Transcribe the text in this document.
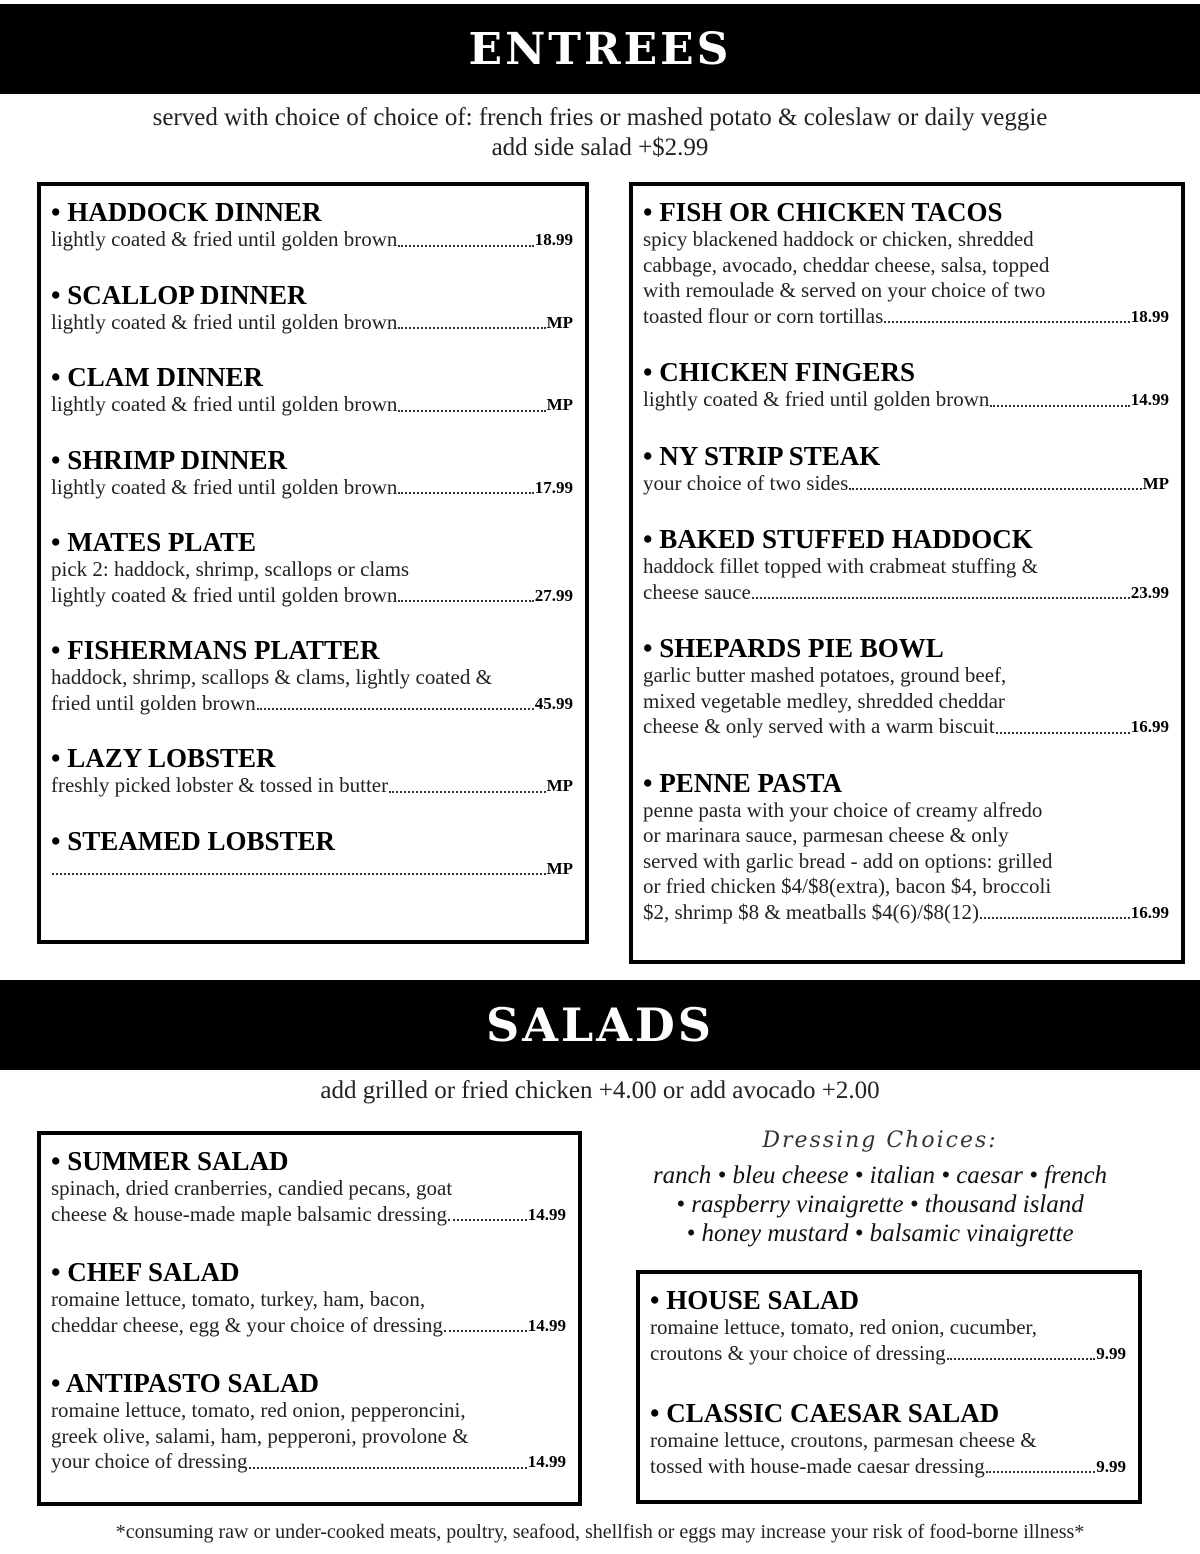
ENTREES
served with choice of choice of: french fries or mashed potato & coleslaw or daily veggie
add side salad +$2.99
• HADDOCK DINNER
lightly coated & fried until golden brown	18.99
• SCALLOP DINNER
lightly coated & fried until golden brown	MP
• CLAM DINNER
lightly coated & fried until golden brown	MP
• SHRIMP DINNER
lightly coated & fried until golden brown	17.99
• MATES PLATE
pick 2: haddock, shrimp, scallops or clams
lightly coated & fried until golden brown	27.99
• FISHERMANS PLATTER
haddock, shrimp, scallops & clams, lightly coated &
fried until golden brown	45.99
• LAZY LOBSTER
freshly picked lobster & tossed in butter	MP
• STEAMED LOBSTER
MP
• FISH OR CHICKEN TACOS
spicy blackened haddock or chicken, shredded
cabbage, avocado, cheddar cheese, salsa, topped
with remoulade & served on your choice of two
toasted flour or corn tortillas	18.99
• CHICKEN FINGERS
lightly coated & fried until golden brown	14.99
• NY STRIP STEAK
your choice of two sides	MP
• BAKED STUFFED HADDOCK
haddock fillet topped with crabmeat stuffing &
cheese sauce	23.99
• SHEPARDS PIE BOWL
garlic butter mashed potatoes, ground beef,
mixed vegetable medley, shredded cheddar
cheese & only served with a warm biscuit	16.99
• PENNE PASTA
penne pasta with your choice of creamy alfredo
or marinara sauce, parmesan cheese & only
served with garlic bread - add on options: grilled
or fried chicken $4/$8(extra), bacon $4, broccoli
$2, shrimp $8 & meatballs $4(6)/$8(12)	16.99
SALADS
add grilled or fried chicken +4.00 or add avocado +2.00
• SUMMER SALAD
spinach, dried cranberries, candied pecans, goat
cheese & house-made maple balsamic dressing	14.99
• CHEF SALAD
romaine lettuce, tomato, turkey, ham, bacon,
cheddar cheese, egg & your choice of dressing	14.99
• ANTIPASTO SALAD
romaine lettuce, tomato, red onion, pepperoncini,
greek olive, salami, ham, pepperoni, provolone &
your choice of dressing	14.99
Dressing Choices:
ranch • bleu cheese • italian • caesar • french
• raspberry vinaigrette • thousand island
• honey mustard • balsamic vinaigrette
• HOUSE SALAD
romaine lettuce, tomato, red onion, cucumber,
croutons & your choice of dressing	9.99
• CLASSIC CAESAR SALAD
romaine lettuce, croutons, parmesan cheese &
tossed with house-made caesar dressing	9.99
*consuming raw or under-cooked meats, poultry, seafood, shellfish or eggs may increase your risk of food-borne illness*
